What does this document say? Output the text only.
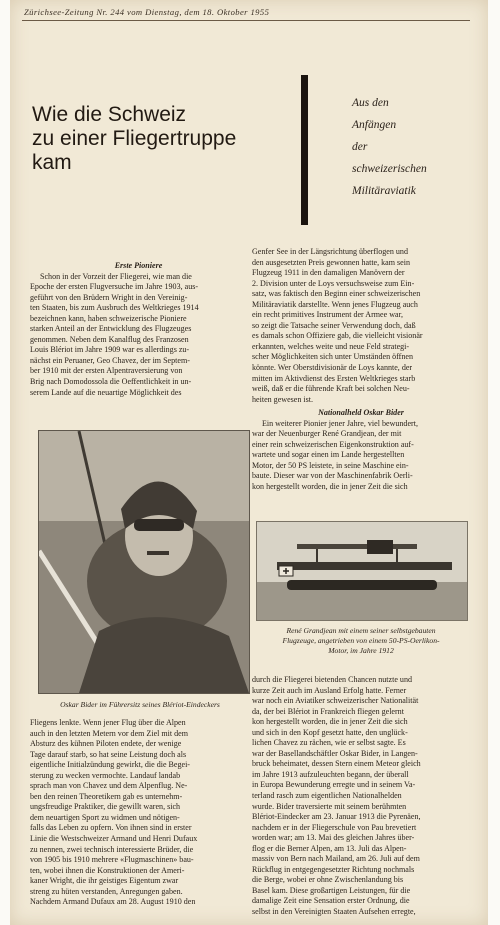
Zürichsee-Zeitung Nr. 244 vom Dienstag, dem 18. Oktober 1955
Wie die Schweiz
zu einer Fliegertruppe
kam
Aus den
Anfängen
der
schweizerischen
Militäraviatik
Erste Pioniere
Schon in der Vorzeit der Fliegerei, wie man die
Epoche der ersten Flugversuche im Jahre 1903, aus-
geführt von den Brüdern Wright in den Vereinig-
ten Staaten, bis zum Ausbruch des Weltkrieges 1914
bezeichnen kann, haben schweizerische Pioniere
starken Anteil an der Entwicklung des Flugzeuges
genommen. Neben dem Kanalflug des Franzosen
Louis Blériot im Jahre 1909 war es allerdings zu-
nächst ein Peruaner, Geo Chavez, der im Septem-
ber 1910 mit der ersten Alpentraversierung von
Brig nach Domodossola die Oeffentlichkeit in un-
serem Lande auf die neuartige Möglichkeit des
Genfer See in der Längsrichtung überflogen und
den ausgesetzten Preis gewonnen hatte, kam sein
Flugzeug 1911 in den damaligen Manövern der
2. Division unter de Loys versuchsweise zum Ein-
satz, was faktisch den Beginn einer schweizerischen
Militäraviatik darstellte. Wenn jenes Flugzeug auch
ein recht primitives Instrument der Armee war,
so zeigt die Tatsache seiner Verwendung doch, daß
es damals schon Offiziere gab, die vielleicht visionär
erkannten, welches weite und neue Feld strategi-
scher Möglichkeiten sich unter Umständen öffnen
könnte. Wer Oberstdivisionär de Loys kannte, der
mitten im Aktivdienst des Ersten Weltkrieges starb
weiß, daß er die führende Kraft bei solchen Neu-
heiten gewesen ist.
Nationalheld Oskar Bider
Ein weiterer Pionier jener Jahre, viel bewundert,
war der Neuenburger René Grandjean, der mit
einer rein schweizerischen Eigenkonstruktion auf-
wartete und sogar einen im Lande hergestellten
Motor, der 50 PS leistete, in seine Maschine ein-
baute. Dieser war von der Maschinenfabrik Oerli-
kon hergestellt worden, die in jener Zeit die sich
Oskar Bider im Führersitz seines Blériot-Eindeckers
René Grandjean mit einem seiner selbstgebauten
Flugzeuge, angetrieben von einem 50-PS-Oerlikon-
Motor, im Jahre 1912
Fliegens lenkte. Wenn jener Flug über die Alpen
auch in den letzten Metern vor dem Ziel mit dem
Absturz des kühnen Piloten endete, der wenige
Tage darauf starb, so hat seine Leistung doch als
eigentliche Initialzündung gewirkt, die die Begei-
sterung zu wecken vermochte. Landauf landab
sprach man von Chavez und dem Alpenflug. Ne-
ben den reinen Theoretikern gab es unternehm-
ungsfreudige Praktiker, die gewillt waren, sich
dem neuartigen Sport zu widmen und nötigen-
falls das Leben zu opfern. Von ihnen sind in erster
Linie die Westschweizer Armand und Henri Dufaux
zu nennen, zwei technisch interessierte Brüder, die
von 1905 bis 1910 mehrere «Flugmaschinen» bau-
ten, wobei ihnen die Konstruktionen der Ameri-
kaner Wright, die ihr geistiges Eigentum zwar
streng zu hüten verstanden, Anregungen gaben.
Nachdem Armand Dufaux am 28. August 1910 den
durch die Fliegerei bietenden Chancen nutzte und
kurze Zeit auch im Ausland Erfolg hatte. Ferner
war noch ein Aviatiker schweizerischer Nationalität
da, der bei Blériot in Frankreich fliegen gelernt
kon hergestellt worden, die in jener Zeit die sich
und sich in den Kopf gesetzt hatte, den unglück-
lichen Chavez zu rächen, wie er selbst sagte. Es
war der Basellandschäftler Oskar Bider, in Langen-
bruck beheimatet, dessen Stern einem Meteor gleich
im Jahre 1913 aufzuleuchten begann, der überall
in Europa Bewunderung erregte und in seinem Va-
terland rasch zum eigentlichen Nationalhelden
wurde. Bider traversierte mit seinem berühmten
Blériot-Eindecker am 23. Januar 1913 die Pyrenäen,
nachdem er in der Fliegerschule von Pau brevetiert
worden war; am 13. Mai des gleichen Jahres über-
flog er die Berner Alpen, am 13. Juli das Alpen-
massiv von Bern nach Mailand, am 26. Juli auf dem
Rückflug in entgegengesetzter Richtung nochmals
die Berge, wobei er ohne Zwischenlandung bis
Basel kam. Diese großartigen Leistungen, für die
damalige Zeit eine Sensation erster Ordnung, die
selbst in den Vereinigten Staaten Aufsehen erregte,
